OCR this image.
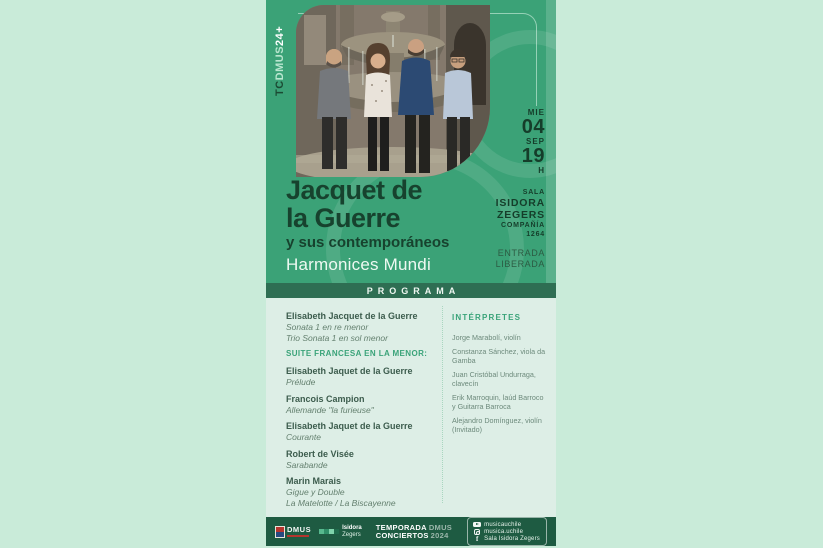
TCDMUS24+
Jacquet de
la Guerre
y sus contemporáneos
Harmonices Mundi
MIE
04
SEP
19
H
SALA
ISIDORA
ZEGERS
COMPAÑÍA
1264
ENTRADA
LIBERADA
PROGRAMA
Elisabeth Jacquet de la Guerre
Sonata 1 en re menor
Trio Sonata 1 en sol menor
SUITE FRANCESA EN LA MENOR:
Elisabeth Jaquet de la Guerre
Prélude
Francois Campion
Allemande "la furieuse"
Elisabeth Jaquet de la Guerre
Courante
Robert de Visée
Sarabande
Marin Marais
Gigue y Double
La Matelotte / La Biscayenne
INTÉRPRETES
Jorge Marabolí, violín
Constanza Sánchez, viola da Gamba
Juan Cristóbal Undurraga, clavecín
Erik Marroquin, laúd Barroco y Guitarra Barroca
Alejandro Domínguez, violín (Invitado)
DMUS	Isidora
Zegers
TEMPORADA DMUS
CONCIERTOS 2024
musicauchile
musica.uchile
f Sala Isidora Zegers
